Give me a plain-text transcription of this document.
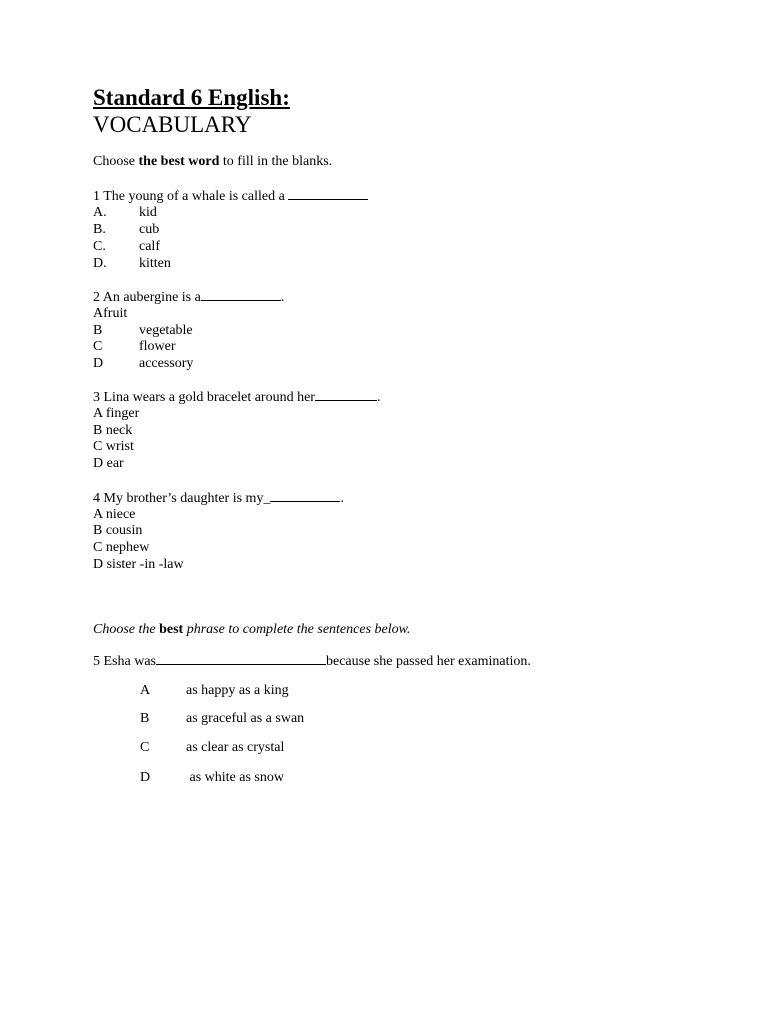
Standard 6 English:
VOCABULARY
Choose the best word to fill in the blanks.
1 The young of a whale is called a
A. kid
B. cub
C. calf
D. kitten
2 An aubergine is a	.
Afruit
B	vegetable
C	flower
D	accessory
3 Lina wears a gold bracelet around her	.
A finger
B neck
C wrist
D ear
4 My brother’s daughter is my_	.
A niece
B cousin
C nephew
D sister -in -law
Choose the best phrase to complete the sentences below.
5 Esha was	because she passed her examination.
A	as happy as a king
B	as graceful as a swan
C	as clear as crystal
D	as white as snow
